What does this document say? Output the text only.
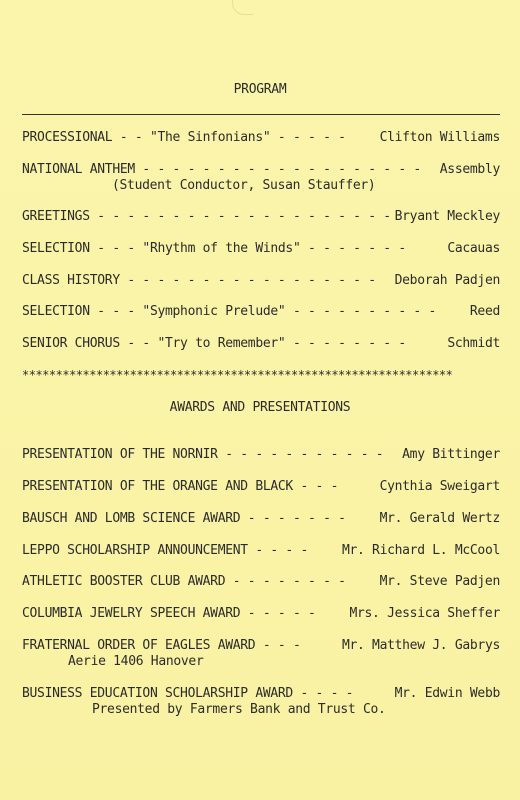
PROGRAM
PROCESSIONAL - - "The Sinfonians" - - - - -	Clifton Williams
NATIONAL ANTHEM - - - - - - - - - - - - - - - - - - - Assembly
(Student Conductor, Susan Stauffer)
GREETINGS - - - - - - - - - - - - - - - - - - - - Bryant Meckley
SELECTION - - - "Rhythm of the Winds" - - - - - - -	Cacauas
CLASS HISTORY - - - - - - - - - - - - - - - - - Deborah Padjen
SELECTION - - - "Symphonic Prelude" - - - - - - - - - -	Reed
SENIOR CHORUS - - "Try to Remember" - - - - - - - -	Schmidt
****************************************************************
AWARDS AND PRESENTATIONS
PRESENTATION OF THE NORNIR - - - - - - - - - - - Amy Bittinger
PRESENTATION OF THE ORANGE AND BLACK - - -	Cynthia Sweigart
BAUSCH AND LOMB SCIENCE AWARD - - - - - - -	Mr. Gerald Wertz
LEPPO SCHOLARSHIP ANNOUNCEMENT - - - -	Mr. Richard L. McCool
ATHLETIC BOOSTER CLUB AWARD - - - - - - - -	Mr. Steve Padjen
COLUMBIA JEWELRY SPEECH AWARD - - - - -	Mrs. Jessica Sheffer
FRATERNAL ORDER OF EAGLES AWARD - - -	Mr. Matthew J. Gabrys
Aerie 1406 Hanover
BUSINESS EDUCATION SCHOLARSHIP AWARD - - - -	Mr. Edwin Webb
Presented by Farmers Bank and Trust Co.
